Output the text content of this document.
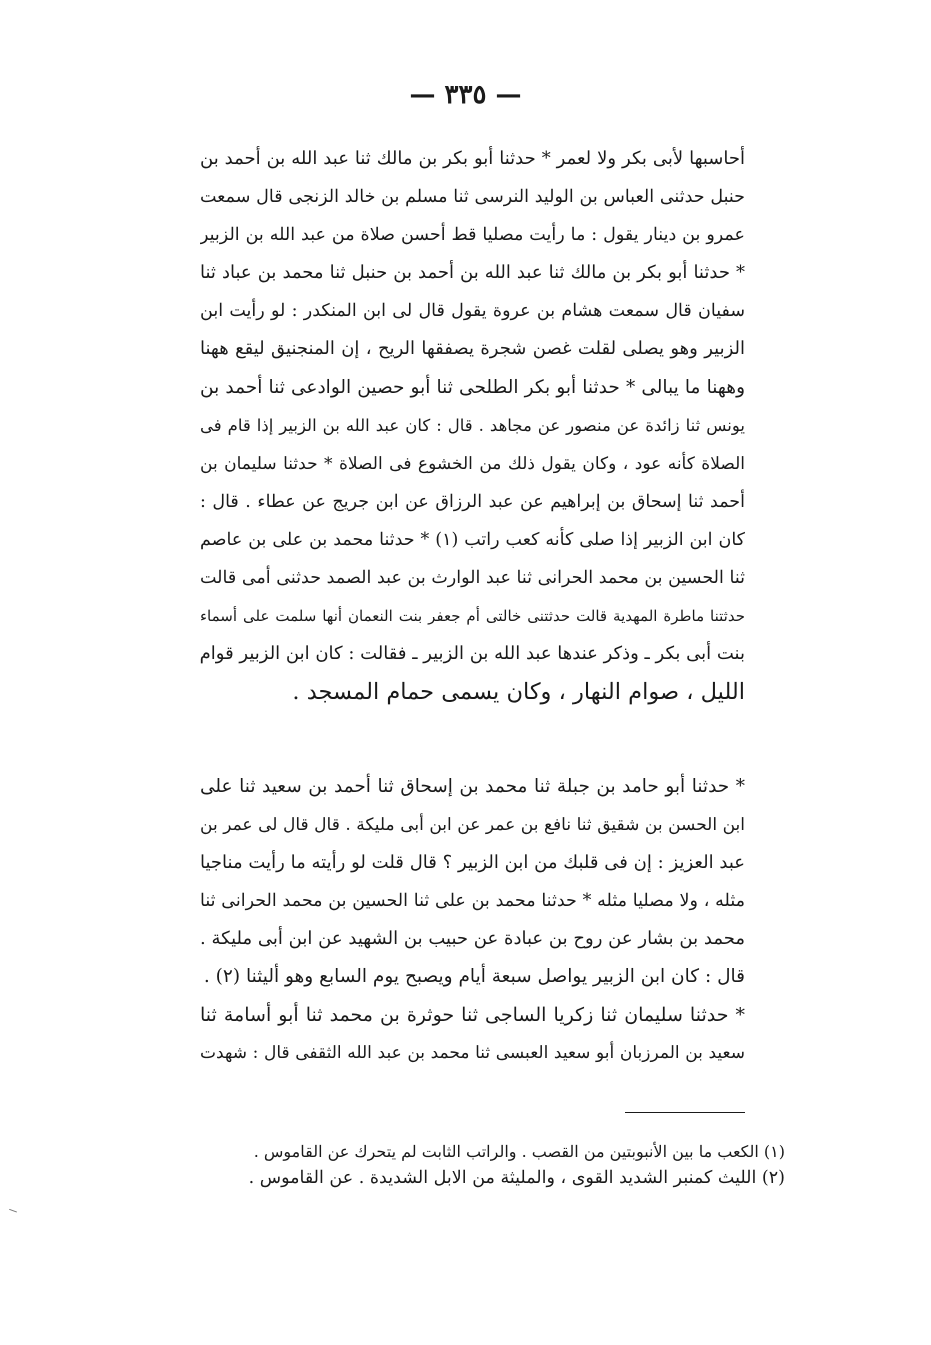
— ٣٣٥ —
أحاسبها لأبى بكر ولا لعمر * حدثنا أبو بكر بن مالك ثنا عبد الله بن أحمد بن
حنبل حدثنى العباس بن الوليد النرسى ثنا مسلم بن خالد الزنجى قال سمعت
عمرو بن دينار يقول : ما رأيت مصليا قط أحسن صلاة من عبد الله بن الزبير
* حدثنا أبو بكر بن مالك ثنا عبد الله بن أحمد بن حنبل ثنا محمد بن عباد ثنا
سفيان قال سمعت هشام بن عروة يقول قال لى ابن المنكدر : لو رأيت ابن
الزبير وهو يصلى لقلت غصن شجرة يصفقها الريح ، إن المنجنيق ليقع ههنا
وههنا ما يبالى * حدثنا أبو بكر الطلحى ثنا أبو حصين الوادعى ثنا أحمد بن
يونس ثنا زائدة عن منصور عن مجاهد . قال : كان عبد الله بن الزبير إذا قام فى
الصلاة كأنه عود ، وكان يقول ذلك من الخشوع فى الصلاة * حدثنا سليمان بن
أحمد ثنا إسحاق بن إبراهيم عن عبد الرزاق عن ابن جريج عن عطاء . قال :
كان ابن الزبير إذا صلى كأنه كعب راتب (١) * حدثنا محمد بن على بن عاصم
ثنا الحسين بن محمد الحرانى ثنا عبد الوارث بن عبد الصمد حدثنى أمى قالت
حدثتنا ماطرة المهدية قالت حدثتنى خالتى أم جعفر بنت النعمان أنها سلمت على أسماء
بنت أبى بكر ـ وذكر عندها عبد الله بن الزبير ـ فقالت : كان ابن الزبير قوام
الليل ، صوام النهار ، وكان يسمى حمام المسجد .
* حدثنا أبو حامد بن جبلة ثنا محمد بن إسحاق ثنا أحمد بن سعيد ثنا على
ابن الحسن بن شقيق ثنا نافع بن عمر عن ابن أبى مليكة . قال قال لى عمر بن
عبد العزيز : إن فى قلبك من ابن الزبير ؟ قال قلت لو رأيته ما رأيت مناجيا
مثله ، ولا مصليا مثله * حدثنا محمد بن على ثنا الحسين بن محمد الحرانى ثنا
محمد بن بشار عن روح بن عبادة عن حبيب بن الشهيد عن ابن أبى مليكة .
قال : كان ابن الزبير يواصل سبعة أيام ويصبح يوم السابع وهو أليثنا (٢) .
* حدثنا سليمان ثنا زكريا الساجى ثنا حوثرة بن محمد ثنا أبو أسامة ثنا
سعيد بن المرزبان أبو سعيد العبسى ثنا محمد بن عبد الله الثقفى قال : شهدت
(١) الكعب ما بين الأنبوبتين من القصب . والراتب الثابت لم يتحرك عن القاموس .
(٢) الليث كمنبر الشديد القوى ، والمليثة من الابل الشديدة . عن القاموس .
